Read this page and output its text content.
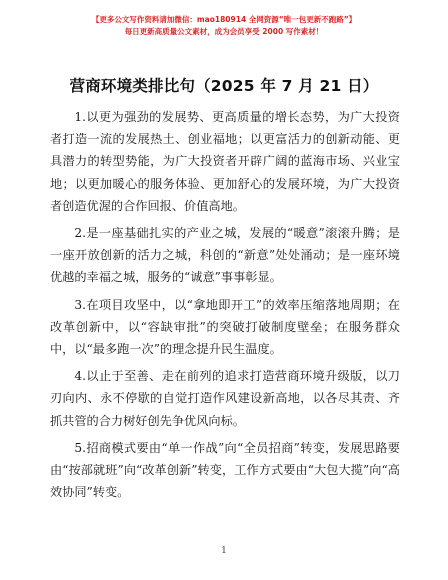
【更多公文写作资料请加微信：mao180914 全网资源“唯一包更新不跑路”】
每日更新高质量公文素材，成为会员享受 2000 写作素材！
营商环境类排比句（2025 年 7 月 21 日）

1.以更为强劲的发展势、更高质量的增长态势，为广大投资者打造一流的发展热土、创业福地；以更富活力的创新动能、更具潜力的转型势能，为广大投资者开辟广阔的蓝海市场、兴业宝地；以更加暖心的服务体验、更加舒心的发展环境，为广大投资者创造优渥的合作回报、价值高地。

2.是一座基础扎实的产业之城，发展的“暖意”滚滚升腾；是一座开放创新的活力之城，科创的“新意”处处涌动；是一座环境优越的幸福之城，服务的“诚意”事事彰显。

3.在项目攻坚中，以“拿地即开工”的效率压缩落地周期；在改革创新中，以“容缺审批”的突破打破制度壁垒；在服务群众中，以“最多跑一次”的理念提升民生温度。

4.以止于至善、走在前列的追求打造营商环境升级版，以刀刃向内、永不停歇的自觉打造作风建设新高地，以各尽其责、齐抓共管的合力树好创先争优风向标。

5.招商模式要由“单一作战”向“全员招商”转变，发展思路要由“按部就班”向“改革创新”转变，工作方式要由“大包大揽”向“高效协同”转变。

1
